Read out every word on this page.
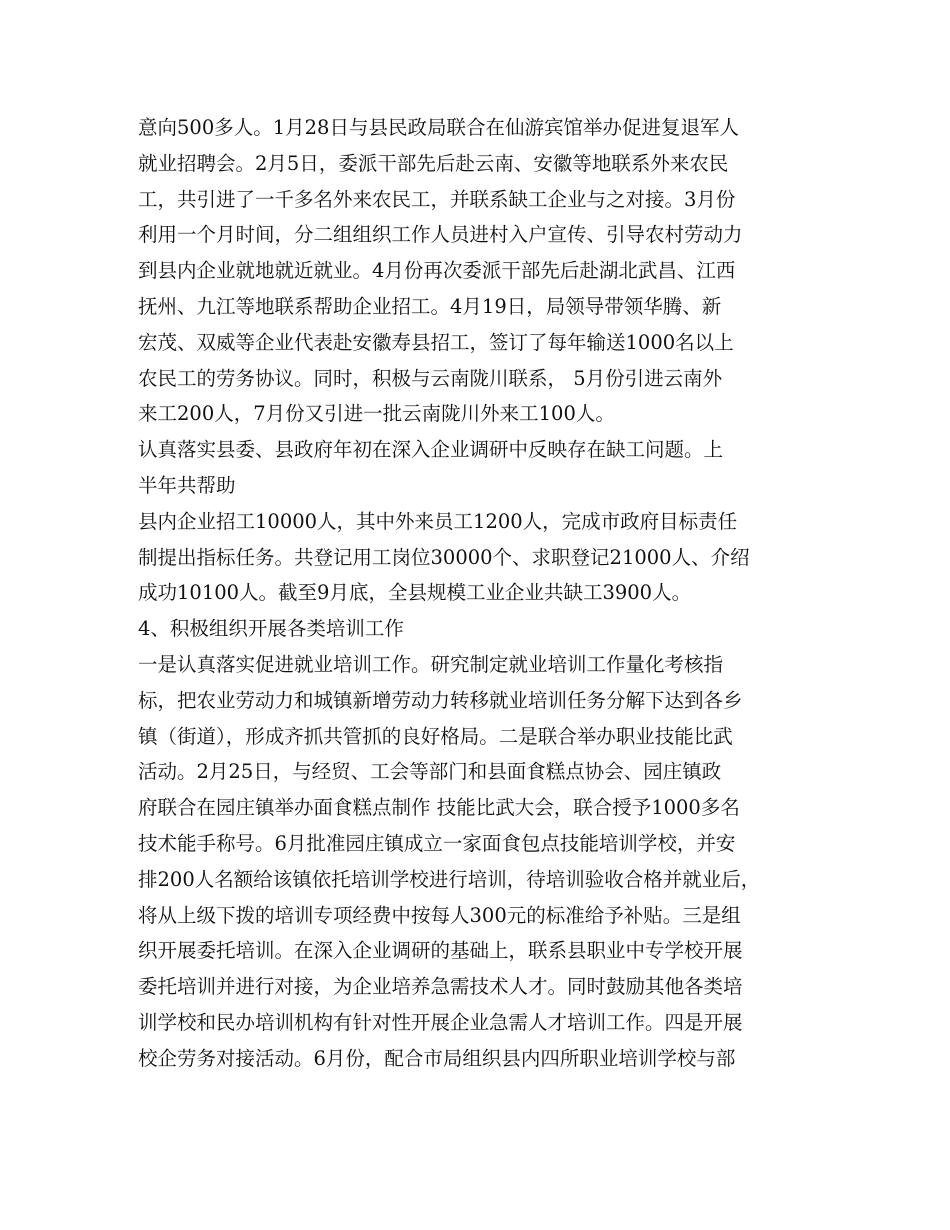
意向500多人。1月28日与县民政局联合在仙游宾馆举办促进复退军人
就业招聘会。2月5日，委派干部先后赴云南、安徽等地联系外来农民
工，共引进了一千多名外来农民工，并联系缺工企业与之对接。3月份
利用一个月时间，分二组组织工作人员进村入户宣传、引导农村劳动力
到县内企业就地就近就业。4月份再次委派干部先后赴湖北武昌、江西
抚州、九江等地联系帮助企业招工。4月19日，局领导带领华腾、新
宏茂、双威等企业代表赴安徽寿县招工，签订了每年输送1000名以上
农民工的劳务协议。同时，积极与云南陇川联系， 5月份引进云南外
来工200人，7月份又引进一批云南陇川外来工100人。
认真落实县委、县政府年初在深入企业调研中反映存在缺工问题。上
半年共帮助
县内企业招工10000人，其中外来员工1200人，完成市政府目标责任
制提出指标任务。共登记用工岗位30000个、求职登记21000人、介绍
成功10100人。截至9月底，全县规模工业企业共缺工3900人。
4、积极组织开展各类培训工作
一是认真落实促进就业培训工作。研究制定就业培训工作量化考核指
标，把农业劳动力和城镇新增劳动力转移就业培训任务分解下达到各乡
镇（街道），形成齐抓共管抓的良好格局。二是联合举办职业技能比武
活动。2月25日，与经贸、工会等部门和县面食糕点协会、园庄镇政
府联合在园庄镇举办面食糕点制作 技能比武大会，联合授予1000多名
技术能手称号。6月批准园庄镇成立一家面食包点技能培训学校，并安
排200人名额给该镇依托培训学校进行培训，待培训验收合格并就业后，
将从上级下拨的培训专项经费中按每人300元的标准给予补贴。三是组
织开展委托培训。在深入企业调研的基础上，联系县职业中专学校开展
委托培训并进行对接，为企业培养急需技术人才。同时鼓励其他各类培
训学校和民办培训机构有针对性开展企业急需人才培训工作。四是开展
校企劳务对接活动。6月份，配合市局组织县内四所职业培训学校与部
